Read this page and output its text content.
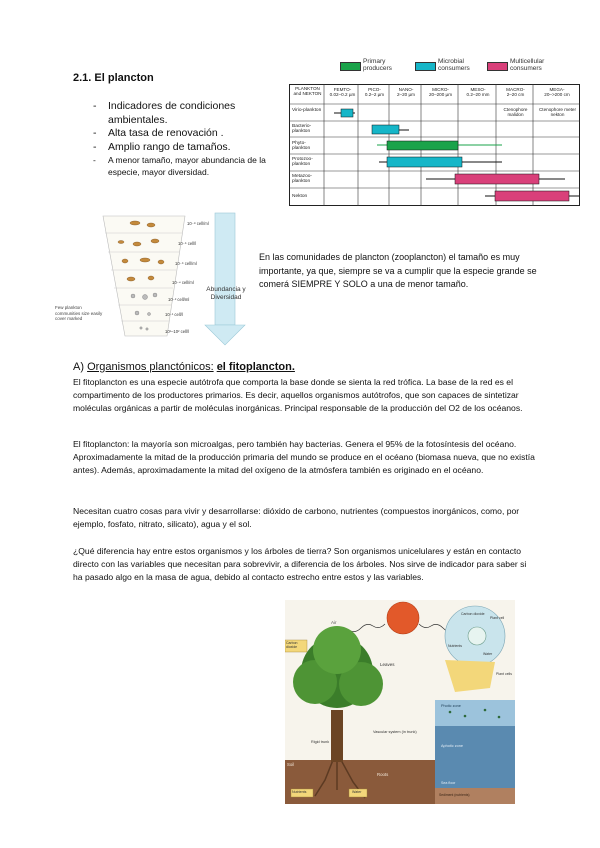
2.1. El plancton
- Indicadores de condiciones ambientales.
- Alta tasa de renovación .
- Amplio rango de tamaños.
- A menor tamaño, mayor abundancia de la especie, mayor diversidad.
Primary producers
Microbial consumers
Multicellular consumers
PLANKTON and NEKTON
FEMTO-
0.02–0.2 µm
PICO-
0.2–2 µm
NANO-
2–20 µm
MICRO-
20–200 µm
MESO-
0.2–20 mm
MACRO-
2–20 cm
MEGA-
20–>200 cm
Virio-plankton
Bacterio-plankton
Phyto-plankton
Protozoo-plankton
Metazoo-plankton
Nekton
Ctenophore malidon
Ctenophore meter nekton
10⁻⁸ cell/ml
10⁻⁵ cell/l
10⁻⁶ cell/ml
10⁻⁴ cell/ml
10⁻² cell/ml
10⁻¹ cell/l
10¹–10² cell/l
Few plankton communities size easily cover marked
Abundancia y Diversidad
En las comunidades de plancton (zooplancton) el tamaño es muy importante, ya que, siempre se va a cumplir que la especie grande se comerá SIEMPRE Y SOLO a una de menor tamaño.
A) Organismos planctónicos: el fitoplancton.
El fitoplancton es una especie autótrofa que comporta la base donde se sienta la red trófica. La base de la red es el compartimento de los productores primarios. Es decir, aquellos organismos autótrofos, que son capaces de sintetizar moléculas orgánicas a partir de moléculas inorgánicas. Principal responsable de la producción del O2 de los océanos.
El fitoplancton: la mayoría son microalgas, pero también hay bacterias. Genera el 95% de la fotosíntesis del océano. Aproximadamente la mitad de la producción primaria del mundo se produce en el océano (biomasa nueva, que no existía antes). Además, aproximadamente la mitad del oxígeno de la atmósfera también es originado en el océano.
Necesitan cuatro cosas para vivir y desarrollarse: dióxido de carbono, nutrientes (compuestos inorgánicos, como, por ejemplo, fosfato, nitrato, silicato), agua y el sol.
¿Qué diferencia hay entre estos organismos y los árboles de tierra? Son organismos unicelulares y están en contacto directo con las variables que necesitan para sobrevivir, a diferencia de los árboles. Nos sirve de indicador para saber si ha pasado algo en la masa de agua, debido al contacto estrecho entre estos y las variables.
Air
Carbon dioxide
Leaves
Vascular system (in trunk)
Rigid trunk
Roots
Soil
Nutrients	Water
Carbon dioxide
Plant cell
Nutrients
Water
Plant cells
Photic zone
Aphotic zone
Sea floor
Sediment (nutrients)
